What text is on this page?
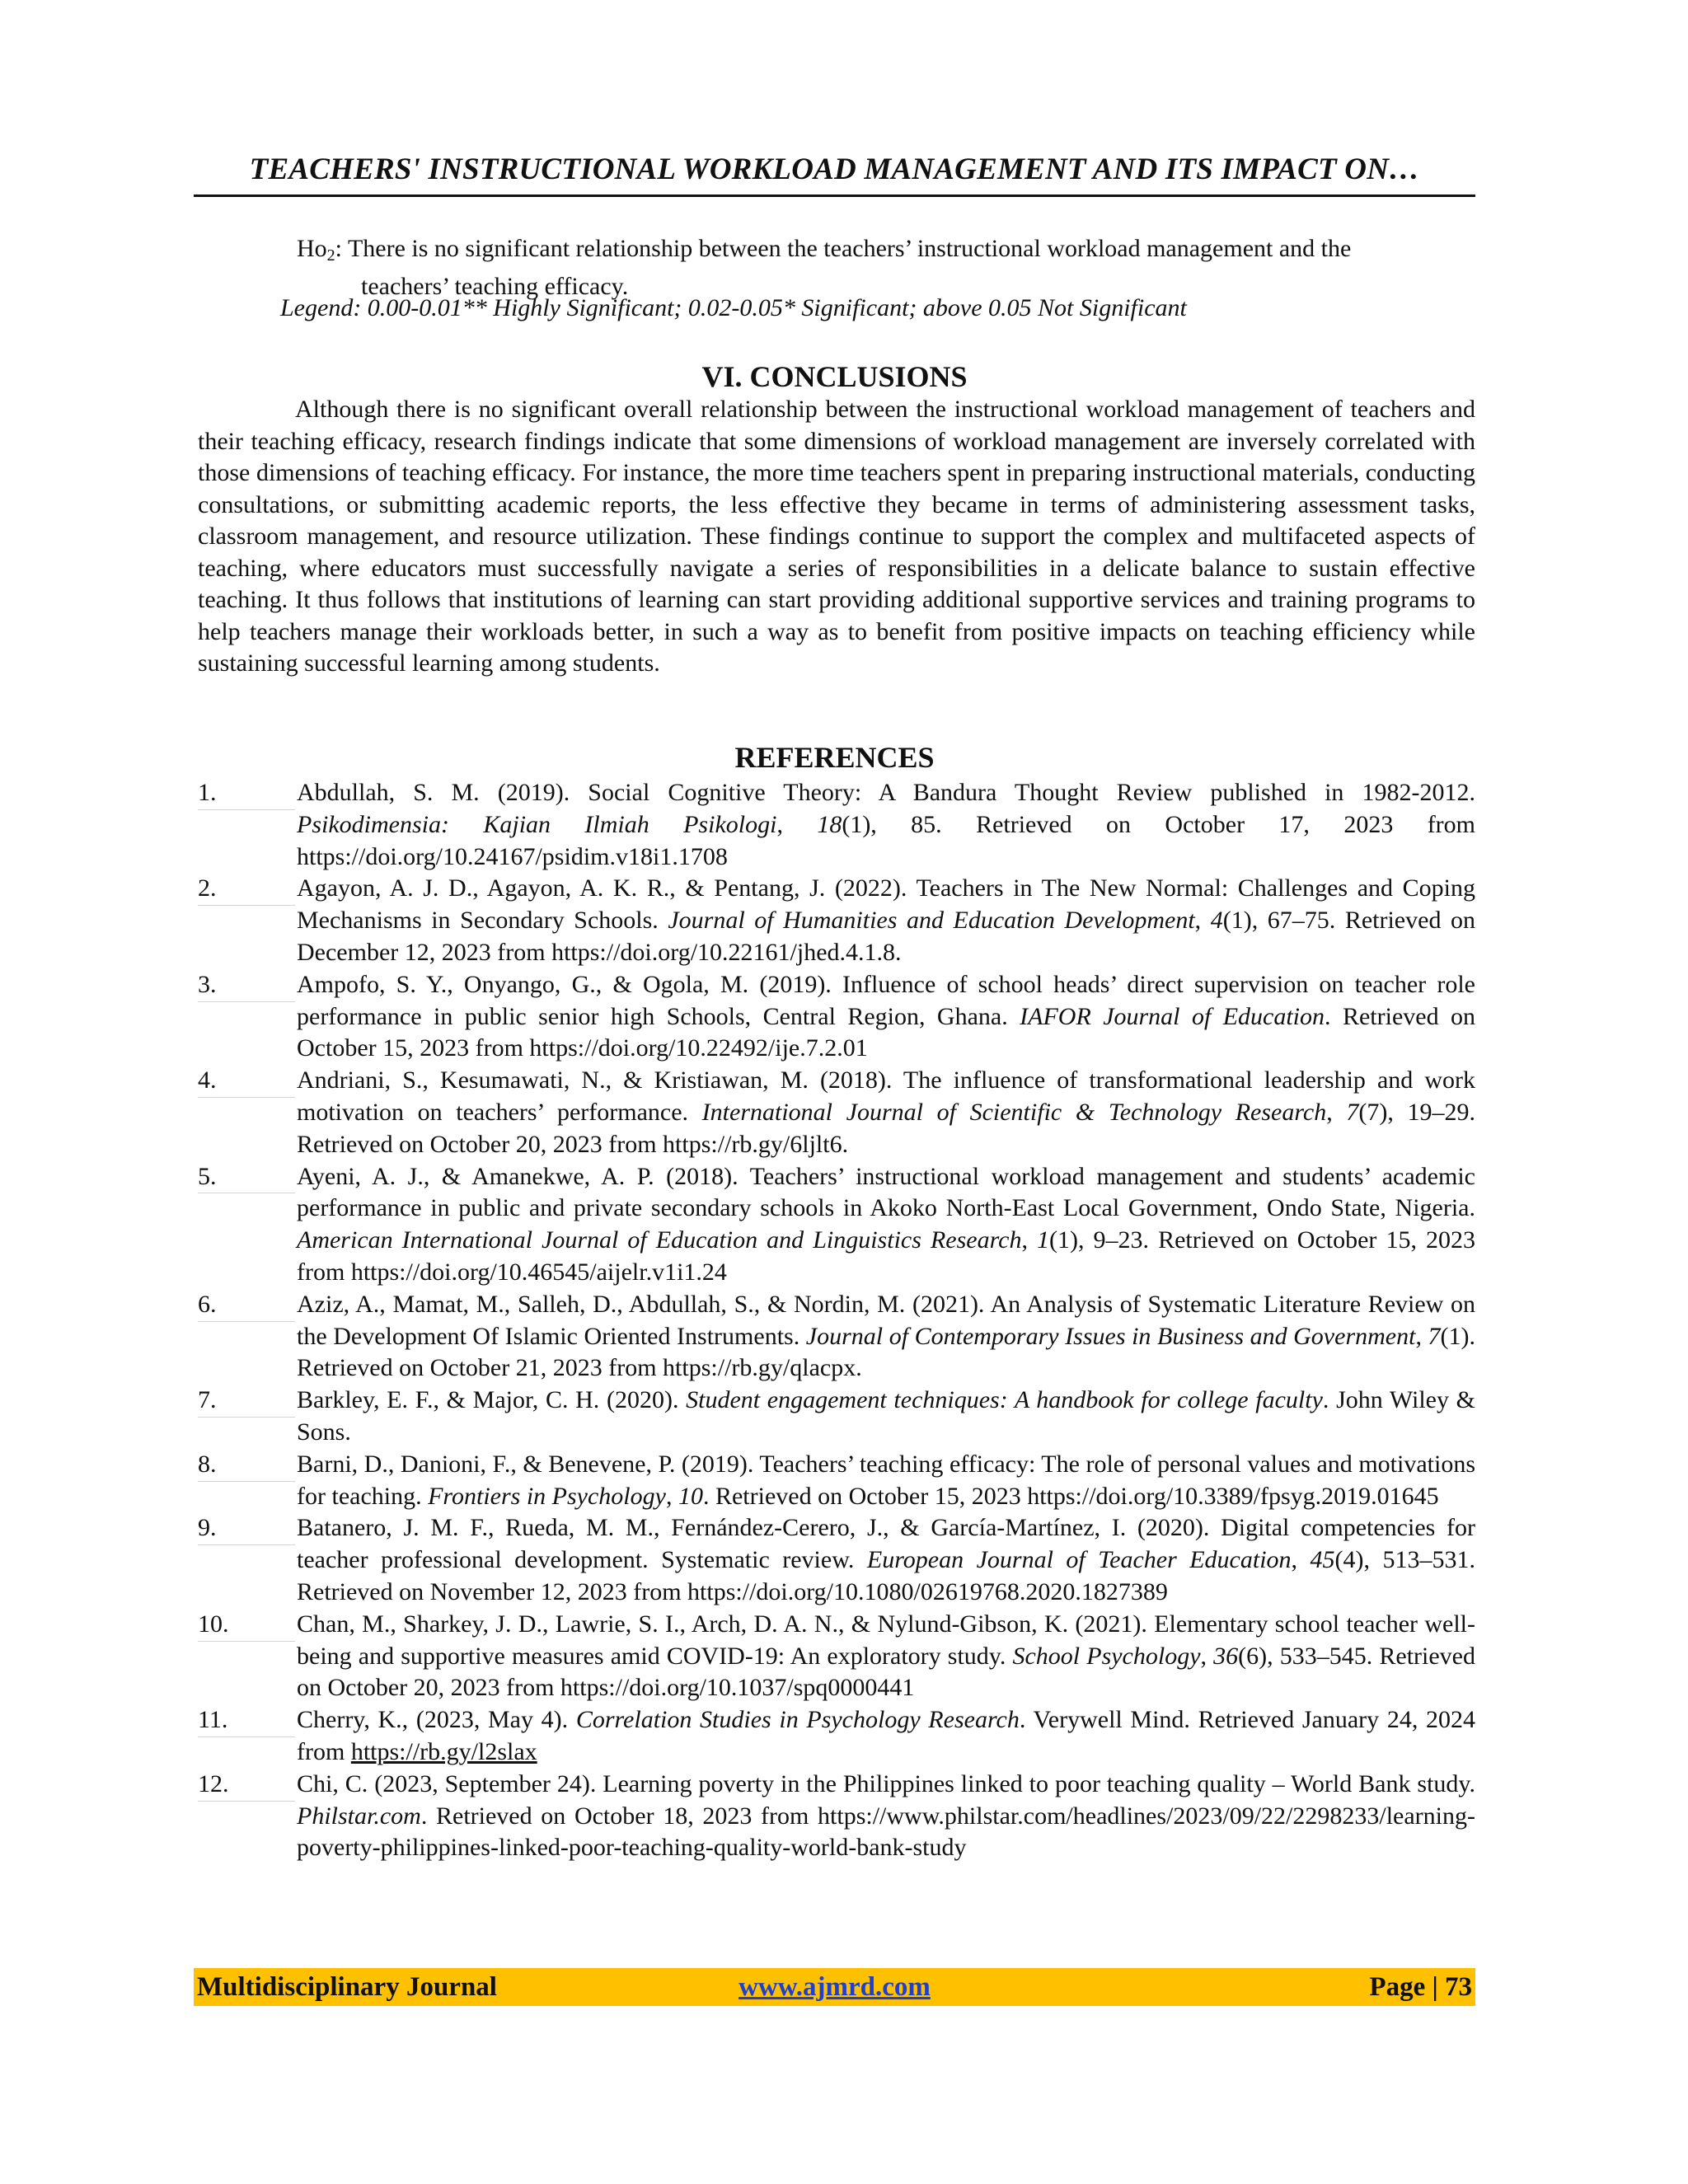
TEACHERS' INSTRUCTIONAL WORKLOAD MANAGEMENT AND ITS IMPACT ON…
$Ho_2$: There is no significant relationship between the teachers’ instructional workload management and the
teachers’ teaching efficacy.
Legend: 0.00-0.01** Highly Significant; 0.02-0.05* Significant; above 0.05 Not Significant
VI. CONCLUSIONS
Although there is no significant overall relationship between the instructional workload management of teachers and their teaching efficacy, research findings indicate that some dimensions of workload management are inversely correlated with those dimensions of teaching efficacy. For instance, the more time teachers spent in preparing instructional materials, conducting consultations, or submitting academic reports, the less effective they became in terms of administering assessment tasks, classroom management, and resource utilization. These findings continue to support the complex and multifaceted aspects of teaching, where educators must successfully navigate a series of responsibilities in a delicate balance to sustain effective teaching. It thus follows that institutions of learning can start providing additional supportive services and training programs to help teachers manage their workloads better, in such a way as to benefit from positive impacts on teaching efficiency while sustaining successful learning among students.
REFERENCES
1.	Abdullah, S. M. (2019). Social Cognitive Theory: A Bandura Thought Review published in 1982-2012. Psikodimensia: Kajian Ilmiah Psikologi, 18(1), 85. Retrieved on October 17, 2023 from https://doi.org/10.24167/psidim.v18i1.1708
2.	Agayon, A. J. D., Agayon, A. K. R., & Pentang, J. (2022). Teachers in The New Normal: Challenges and Coping Mechanisms in Secondary Schools. Journal of Humanities and Education Development, 4(1), 67–75. Retrieved on December 12, 2023 from https://doi.org/10.22161/jhed.4.1.8.
3.	Ampofo, S. Y., Onyango, G., & Ogola, M. (2019). Influence of school heads’ direct supervision on teacher role performance in public senior high Schools, Central Region, Ghana. IAFOR Journal of Education. Retrieved on October 15, 2023 from https://doi.org/10.22492/ije.7.2.01
4.	Andriani, S., Kesumawati, N., & Kristiawan, M. (2018). The influence of transformational leadership and work motivation on teachers’ performance. International Journal of Scientific & Technology Research, 7(7), 19–29. Retrieved on October 20, 2023 from https://rb.gy/6ljlt6.
5.	Ayeni, A. J., & Amanekwe, A. P. (2018). Teachers’ instructional workload management and students’ academic performance in public and private secondary schools in Akoko North-East Local Government, Ondo State, Nigeria. American International Journal of Education and Linguistics Research, 1(1), 9–23. Retrieved on October 15, 2023 from https://doi.org/10.46545/aijelr.v1i1.24
6.	Aziz, A., Mamat, M., Salleh, D., Abdullah, S., & Nordin, M. (2021). An Analysis of Systematic Literature Review on the Development Of Islamic Oriented Instruments. Journal of Contemporary Issues in Business and Government, 7(1). Retrieved on October 21, 2023 from https://rb.gy/qlacpx.
7.	Barkley, E. F., & Major, C. H. (2020). Student engagement techniques: A handbook for college faculty. John Wiley & Sons.
8.	Barni, D., Danioni, F., & Benevene, P. (2019). Teachers’ teaching efficacy: The role of personal values and motivations for teaching. Frontiers in Psychology, 10. Retrieved on October 15, 2023 https://doi.org/10.3389/fpsyg.2019.01645
9.	Batanero, J. M. F., Rueda, M. M., Fernández-Cerero, J., & García-Martínez, I. (2020). Digital competencies for teacher professional development. Systematic review. European Journal of Teacher Education, 45(4), 513–531. Retrieved on November 12, 2023 from https://doi.org/10.1080/02619768.2020.1827389
10.	Chan, M., Sharkey, J. D., Lawrie, S. I., Arch, D. A. N., & Nylund-Gibson, K. (2021). Elementary school teacher well-being and supportive measures amid COVID-19: An exploratory study. School Psychology, 36(6), 533–545. Retrieved on October 20, 2023 from https://doi.org/10.1037/spq0000441
11.	Cherry, K., (2023, May 4). Correlation Studies in Psychology Research. Verywell Mind. Retrieved January 24, 2024 from https://rb.gy/l2slax
12.	Chi, C. (2023, September 24). Learning poverty in the Philippines linked to poor teaching quality – World Bank study. Philstar.com. Retrieved on October 18, 2023 from https://www.philstar.com/headlines/2023/09/22/2298233/learning-poverty-philippines-linked-poor-teaching-quality-world-bank-study
Multidisciplinary Journal	www.ajmrd.com	Page | 73
